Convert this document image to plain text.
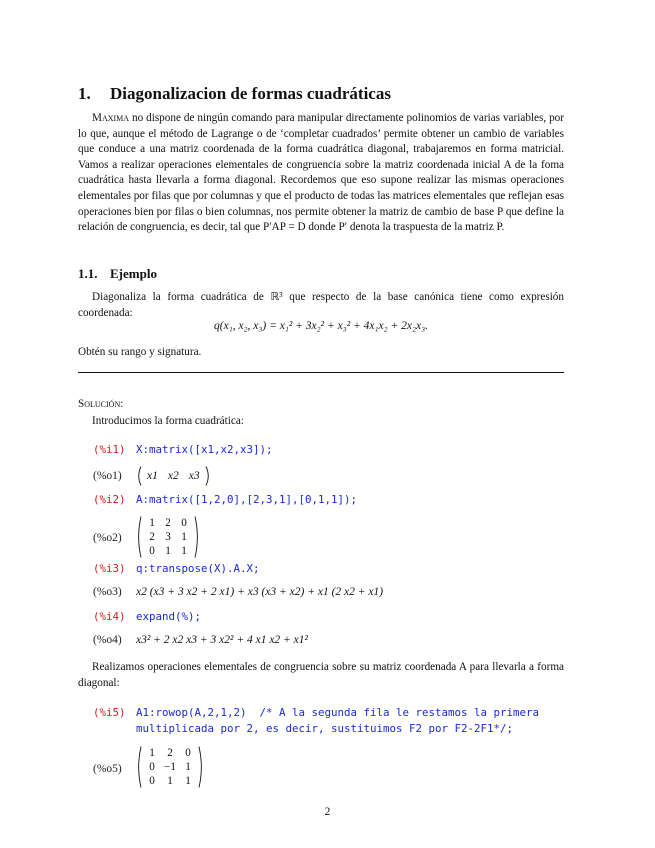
1. Diagonalizacion de formas cuadráticas
Maxima no dispone de ningún comando para manipular directamente polinomios de varias variables, por lo que, aunque el método de Lagrange o de ‘completar cuadrados’ permite obtener un cambio de variables que conduce a una matriz coordenada de la forma cuadrática diagonal, trabajaremos en forma matricial. Vamos a realizar operaciones elementales de congruencia sobre la matriz coordenada inicial A de la foma cuadrática hasta llevarla a forma diagonal. Recordemos que eso supone realizar las mismas operaciones elementales por filas que por columnas y que el producto de todas las matrices elementales que reflejan esas operaciones bien por filas o bien columnas, nos permite obtener la matriz de cambio de base P que define la relación de congruencia, es decir, tal que P′AP = D donde P′ denota la traspuesta de la matriz P.
1.1. Ejemplo
Diagonaliza la forma cuadrática de ℝ³ que respecto de la base canónica tiene como expresión coordenada:
q(x₁, x₂, x₃) = x₁² + 3x₂² + x₃² + 4x₁x₂ + 2x₂x₃.
Obtén su rango y signatura.
Solución:
Introducimos la forma cuadrática:
(%i1) X:matrix([x1,x2,x3]);
(%o1)	x1 x2 x3
(%i2) A:matrix([1,2,0],[2,3,1],[0,1,1]);
(%o2)
1 2 0
2 3 1
0 1 1
(%i3) q:transpose(X).A.X;
(%o3)	x2 (x3 + 3 x2 + 2 x1) + x3 (x3 + x2) + x1 (2 x2 + x1)
(%i4) expand(%);
(%o4)	x3² + 2 x2 x3 + 3 x2² + 4 x1 x2 + x1²
Realizamos operaciones elementales de congruencia sobre su matriz coordenada A para llevarla a forma diagonal:
(%i5) A1:rowop(A,2,1,2)  /* A la segunda fila le restamos la primera
multiplicada por 2, es decir, sustituimos F2 por F2-2F1*/;
(%o5)
1	2	0
0 −1 1
0	1	1
2
